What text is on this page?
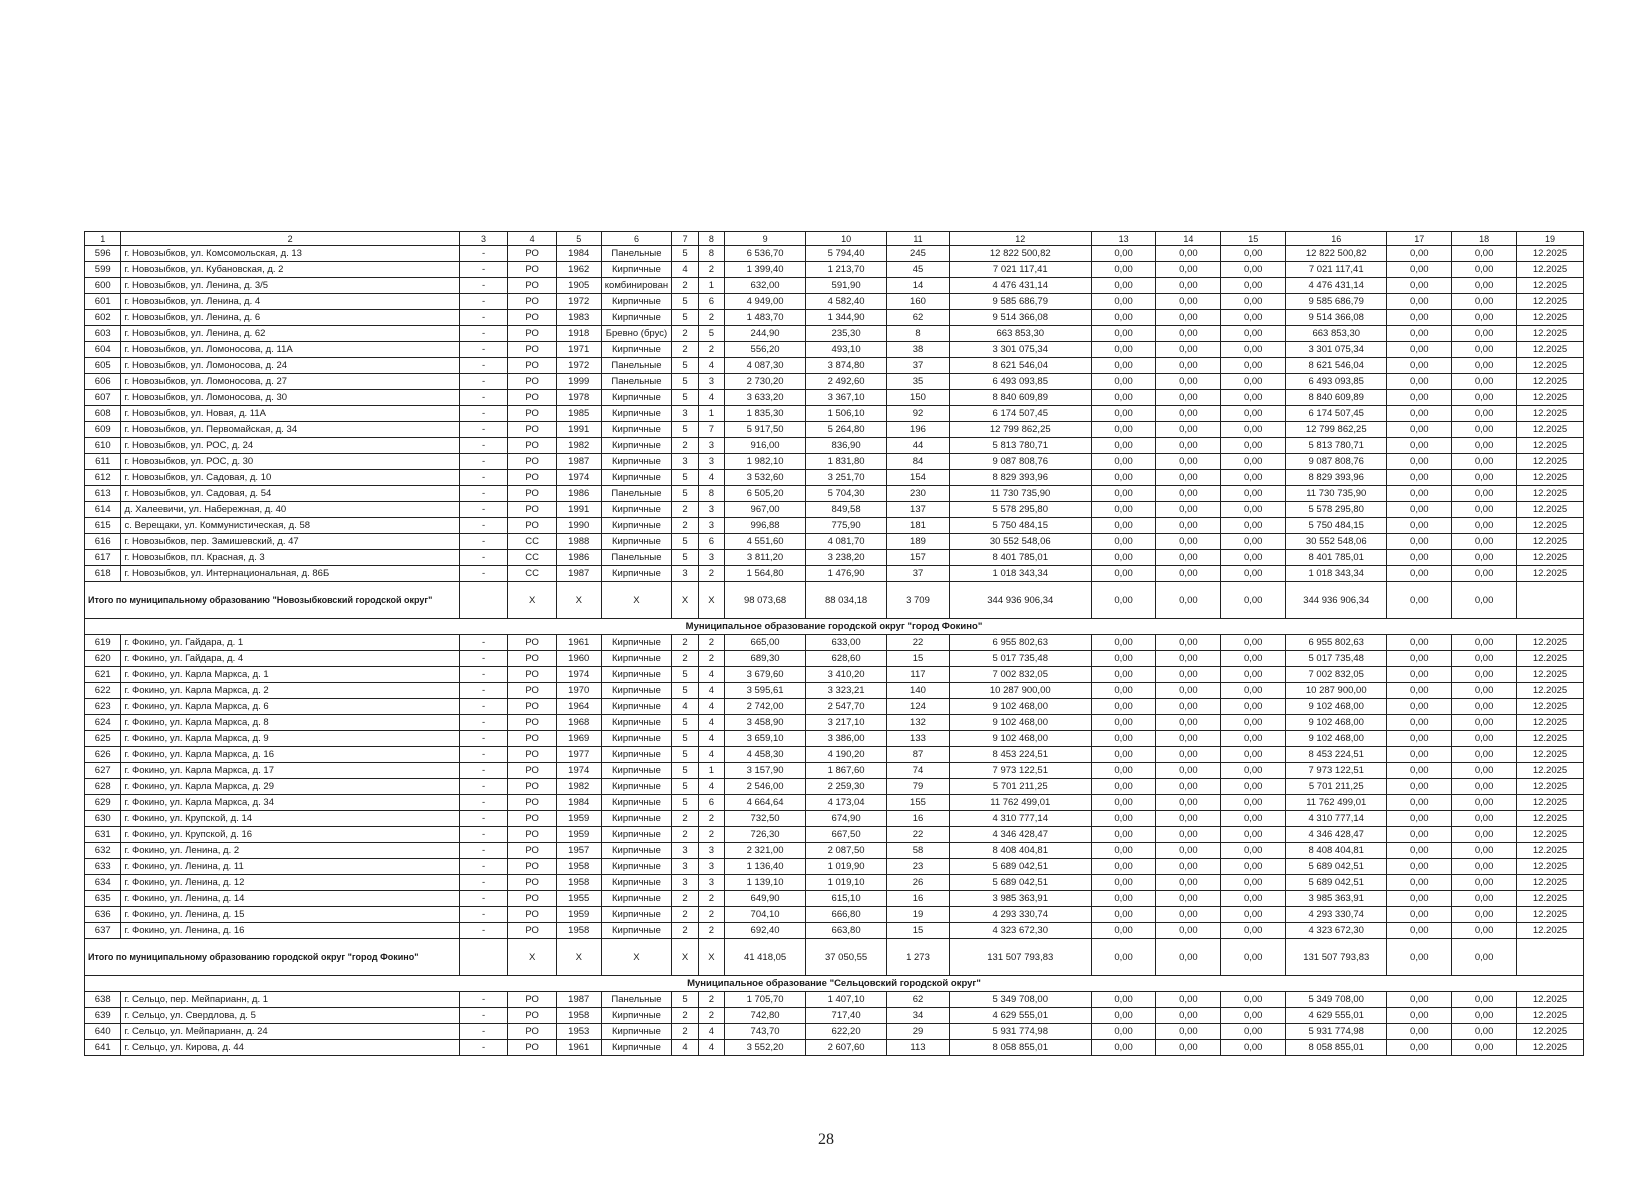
1	2	3	4	5	6	7	8	9	10	11	12	13	14	15	16	17	18	19
596	г. Новозыбков, ул. Комсомольская, д. 13	-	РО	1984	Панельные	5	8	6 536,70	5 794,40	245	12 822 500,82	0,00	0,00	0,00	12 822 500,82	0,00	0,00	12.2025
599	г. Новозыбков, ул. Кубановская, д. 2	-	РО	1962	Кирпичные	4	2	1 399,40	1 213,70	45	7 021 117,41	0,00	0,00	0,00	7 021 117,41	0,00	0,00	12.2025
600	г. Новозыбков, ул. Ленина, д. 3/5	-	РО	1905	комбинирован	2	1	632,00	591,90	14	4 476 431,14	0,00	0,00	0,00	4 476 431,14	0,00	0,00	12.2025
601	г. Новозыбков, ул. Ленина, д. 4	-	РО	1972	Кирпичные	5	6	4 949,00	4 582,40	160	9 585 686,79	0,00	0,00	0,00	9 585 686,79	0,00	0,00	12.2025
602	г. Новозыбков, ул. Ленина, д. 6	-	РО	1983	Кирпичные	5	2	1 483,70	1 344,90	62	9 514 366,08	0,00	0,00	0,00	9 514 366,08	0,00	0,00	12.2025
603	г. Новозыбков, ул. Ленина, д. 62	-	РО	1918	Бревно (брус)	2	5	244,90	235,30	8	663 853,30	0,00	0,00	0,00	663 853,30	0,00	0,00	12.2025
604	г. Новозыбков, ул. Ломоносова, д. 11А	-	РО	1971	Кирпичные	2	2	556,20	493,10	38	3 301 075,34	0,00	0,00	0,00	3 301 075,34	0,00	0,00	12.2025
605	г. Новозыбков, ул. Ломоносова, д. 24	-	РО	1972	Панельные	5	4	4 087,30	3 874,80	37	8 621 546,04	0,00	0,00	0,00	8 621 546,04	0,00	0,00	12.2025
606	г. Новозыбков, ул. Ломоносова, д. 27	-	РО	1999	Панельные	5	3	2 730,20	2 492,60	35	6 493 093,85	0,00	0,00	0,00	6 493 093,85	0,00	0,00	12.2025
607	г. Новозыбков, ул. Ломоносова, д. 30	-	РО	1978	Кирпичные	5	4	3 633,20	3 367,10	150	8 840 609,89	0,00	0,00	0,00	8 840 609,89	0,00	0,00	12.2025
608	г. Новозыбков, ул. Новая, д. 11А	-	РО	1985	Кирпичные	3	1	1 835,30	1 506,10	92	6 174 507,45	0,00	0,00	0,00	6 174 507,45	0,00	0,00	12.2025
609	г. Новозыбков, ул. Первомайская, д. 34	-	РО	1991	Кирпичные	5	7	5 917,50	5 264,80	196	12 799 862,25	0,00	0,00	0,00	12 799 862,25	0,00	0,00	12.2025
610	г. Новозыбков, ул. РОС, д. 24	-	РО	1982	Кирпичные	2	3	916,00	836,90	44	5 813 780,71	0,00	0,00	0,00	5 813 780,71	0,00	0,00	12.2025
611	г. Новозыбков, ул. РОС, д. 30	-	РО	1987	Кирпичные	3	3	1 982,10	1 831,80	84	9 087 808,76	0,00	0,00	0,00	9 087 808,76	0,00	0,00	12.2025
612	г. Новозыбков, ул. Садовая, д. 10	-	РО	1974	Кирпичные	5	4	3 532,60	3 251,70	154	8 829 393,96	0,00	0,00	0,00	8 829 393,96	0,00	0,00	12.2025
613	г. Новозыбков, ул. Садовая, д. 54	-	РО	1986	Панельные	5	8	6 505,20	5 704,30	230	11 730 735,90	0,00	0,00	0,00	11 730 735,90	0,00	0,00	12.2025
614	д. Халеевичи, ул. Набережная, д. 40	-	РО	1991	Кирпичные	2	3	967,00	849,58	137	5 578 295,80	0,00	0,00	0,00	5 578 295,80	0,00	0,00	12.2025
615	с. Верещаки, ул. Коммунистическая, д. 58	-	РО	1990	Кирпичные	2	3	996,88	775,90	181	5 750 484,15	0,00	0,00	0,00	5 750 484,15	0,00	0,00	12.2025
616	г. Новозыбков, пер. Замишевский, д. 47	-	СС	1988	Кирпичные	5	6	4 551,60	4 081,70	189	30 552 548,06	0,00	0,00	0,00	30 552 548,06	0,00	0,00	12.2025
617	г. Новозыбков, пл. Красная, д. 3	-	СС	1986	Панельные	5	3	3 811,20	3 238,20	157	8 401 785,01	0,00	0,00	0,00	8 401 785,01	0,00	0,00	12.2025
618	г. Новозыбков, ул. Интернациональная, д. 86Б	-	СС	1987	Кирпичные	3	2	1 564,80	1 476,90	37	1 018 343,34	0,00	0,00	0,00	1 018 343,34	0,00	0,00	12.2025
Итого по муниципальному образованию "Новозыбковский городской округ"			X	X	X	X	X	98 073,68	88 034,18	3 709	344 936 906,34	0,00	0,00	0,00	344 936 906,34	0,00	0,00	
Муниципальное образование городской округ "город Фокино"																		
619	г. Фокино, ул. Гайдара, д. 1	-	РО	1961	Кирпичные	2	2	665,00	633,00	22	6 955 802,63	0,00	0,00	0,00	6 955 802,63	0,00	0,00	12.2025
620	г. Фокино, ул. Гайдара, д. 4	-	РО	1960	Кирпичные	2	2	689,30	628,60	15	5 017 735,48	0,00	0,00	0,00	5 017 735,48	0,00	0,00	12.2025
621	г. Фокино, ул. Карла Маркса, д. 1	-	РО	1974	Кирпичные	5	4	3 679,60	3 410,20	117	7 002 832,05	0,00	0,00	0,00	7 002 832,05	0,00	0,00	12.2025
622	г. Фокино, ул. Карла Маркса, д. 2	-	РО	1970	Кирпичные	5	4	3 595,61	3 323,21	140	10 287 900,00	0,00	0,00	0,00	10 287 900,00	0,00	0,00	12.2025
623	г. Фокино, ул. Карла Маркса, д. 6	-	РО	1964	Кирпичные	4	4	2 742,00	2 547,70	124	9 102 468,00	0,00	0,00	0,00	9 102 468,00	0,00	0,00	12.2025
624	г. Фокино, ул. Карла Маркса, д. 8	-	РО	1968	Кирпичные	5	4	3 458,90	3 217,10	132	9 102 468,00	0,00	0,00	0,00	9 102 468,00	0,00	0,00	12.2025
625	г. Фокино, ул. Карла Маркса, д. 9	-	РО	1969	Кирпичные	5	4	3 659,10	3 386,00	133	9 102 468,00	0,00	0,00	0,00	9 102 468,00	0,00	0,00	12.2025
626	г. Фокино, ул. Карла Маркса, д. 16	-	РО	1977	Кирпичные	5	4	4 458,30	4 190,20	87	8 453 224,51	0,00	0,00	0,00	8 453 224,51	0,00	0,00	12.2025
627	г. Фокино, ул. Карла Маркса, д. 17	-	РО	1974	Кирпичные	5	1	3 157,90	1 867,60	74	7 973 122,51	0,00	0,00	0,00	7 973 122,51	0,00	0,00	12.2025
628	г. Фокино, ул. Карла Маркса, д. 29	-	РО	1982	Кирпичные	5	4	2 546,00	2 259,30	79	5 701 211,25	0,00	0,00	0,00	5 701 211,25	0,00	0,00	12.2025
629	г. Фокино, ул. Карла Маркса, д. 34	-	РО	1984	Кирпичные	5	6	4 664,64	4 173,04	155	11 762 499,01	0,00	0,00	0,00	11 762 499,01	0,00	0,00	12.2025
630	г. Фокино, ул. Крупской, д. 14	-	РО	1959	Кирпичные	2	2	732,50	674,90	16	4 310 777,14	0,00	0,00	0,00	4 310 777,14	0,00	0,00	12.2025
631	г. Фокино, ул. Крупской, д. 16	-	РО	1959	Кирпичные	2	2	726,30	667,50	22	4 346 428,47	0,00	0,00	0,00	4 346 428,47	0,00	0,00	12.2025
632	г. Фокино, ул. Ленина, д. 2	-	РО	1957	Кирпичные	3	3	2 321,00	2 087,50	58	8 408 404,81	0,00	0,00	0,00	8 408 404,81	0,00	0,00	12.2025
633	г. Фокино, ул. Ленина, д. 11	-	РО	1958	Кирпичные	3	3	1 136,40	1 019,90	23	5 689 042,51	0,00	0,00	0,00	5 689 042,51	0,00	0,00	12.2025
634	г. Фокино, ул. Ленина, д. 12	-	РО	1958	Кирпичные	3	3	1 139,10	1 019,10	26	5 689 042,51	0,00	0,00	0,00	5 689 042,51	0,00	0,00	12.2025
635	г. Фокино, ул. Ленина, д. 14	-	РО	1955	Кирпичные	2	2	649,90	615,10	16	3 985 363,91	0,00	0,00	0,00	3 985 363,91	0,00	0,00	12.2025
636	г. Фокино, ул. Ленина, д. 15	-	РО	1959	Кирпичные	2	2	704,10	666,80	19	4 293 330,74	0,00	0,00	0,00	4 293 330,74	0,00	0,00	12.2025
637	г. Фокино, ул. Ленина, д. 16	-	РО	1958	Кирпичные	2	2	692,40	663,80	15	4 323 672,30	0,00	0,00	0,00	4 323 672,30	0,00	0,00	12.2025
Итого по муниципальному образованию городской округ "город Фокино"			X	X	X	X	X	41 418,05	37 050,55	1 273	131 507 793,83	0,00	0,00	0,00	131 507 793,83	0,00	0,00	
Муниципальное образование "Сельцовский городской округ"																		
638	г. Сельцо, пер. Мейпарианн, д. 1	-	РО	1987	Панельные	5	2	1 705,70	1 407,10	62	5 349 708,00	0,00	0,00	0,00	5 349 708,00	0,00	0,00	12.2025
639	г. Сельцо, ул. Свердлова, д. 5	-	РО	1958	Кирпичные	2	2	742,80	717,40	34	4 629 555,01	0,00	0,00	0,00	4 629 555,01	0,00	0,00	12.2025
640	г. Сельцо, ул. Мейпарианн, д. 24	-	РО	1953	Кирпичные	2	4	743,70	622,20	29	5 931 774,98	0,00	0,00	0,00	5 931 774,98	0,00	0,00	12.2025
641	г. Сельцо, ул. Кирова, д. 44	-	РО	1961	Кирпичные	4	4	3 552,20	2 607,60	113	8 058 855,01	0,00	0,00	0,00	8 058 855,01	0,00	0,00	12.2025
28
